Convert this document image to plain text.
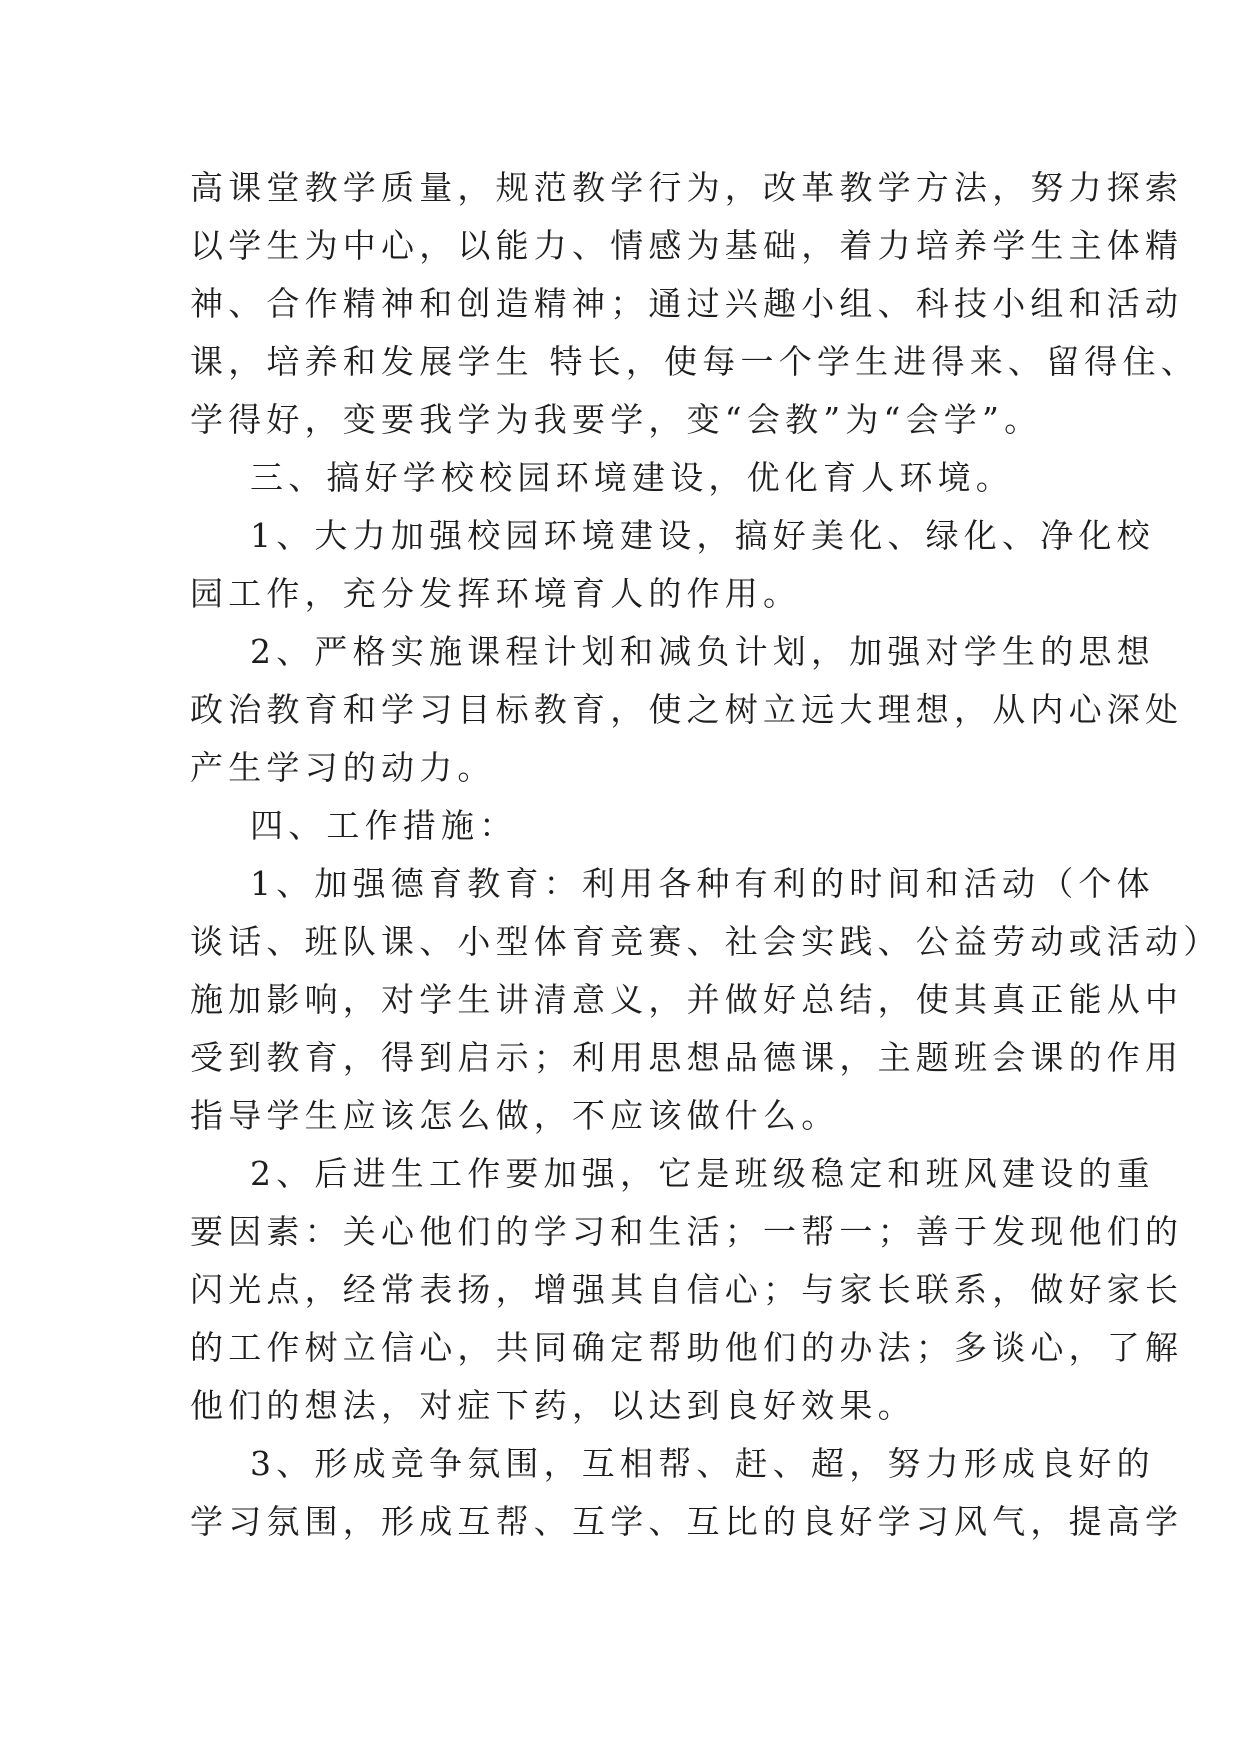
高课堂教学质量，规范教学行为，改革教学方法，努力探索
以学生为中心，以能力、情感为基础，着力培养学生主体精
神、合作精神和创造精神；通过兴趣小组、科技小组和活动
课，培养和发展学生 特长，使每一个学生进得来、留得住、
学得好，变要我学为我要学，变“会教”为“会学”。
三、搞好学校校园环境建设，优化育人环境。
1、大力加强校园环境建设，搞好美化、绿化、净化校
园工作，充分发挥环境育人的作用。
2、严格实施课程计划和减负计划，加强对学生的思想
政治教育和学习目标教育，使之树立远大理想，从内心深处
产生学习的动力。
四、工作措施：
1、加强德育教育：利用各种有利的时间和活动（个体
谈话、班队课、小型体育竞赛、社会实践、公益劳动或活动）
施加影响，对学生讲清意义，并做好总结，使其真正能从中
受到教育，得到启示；利用思想品德课，主题班会课的作用
指导学生应该怎么做，不应该做什么。
2、后进生工作要加强，它是班级稳定和班风建设的重
要因素：关心他们的学习和生活；一帮一；善于发现他们的
闪光点，经常表扬，增强其自信心；与家长联系，做好家长
的工作树立信心，共同确定帮助他们的办法；多谈心，了解
他们的想法，对症下药，以达到良好效果。
3、形成竞争氛围，互相帮、赶、超，努力形成良好的
学习氛围，形成互帮、互学、互比的良好学习风气，提高学
